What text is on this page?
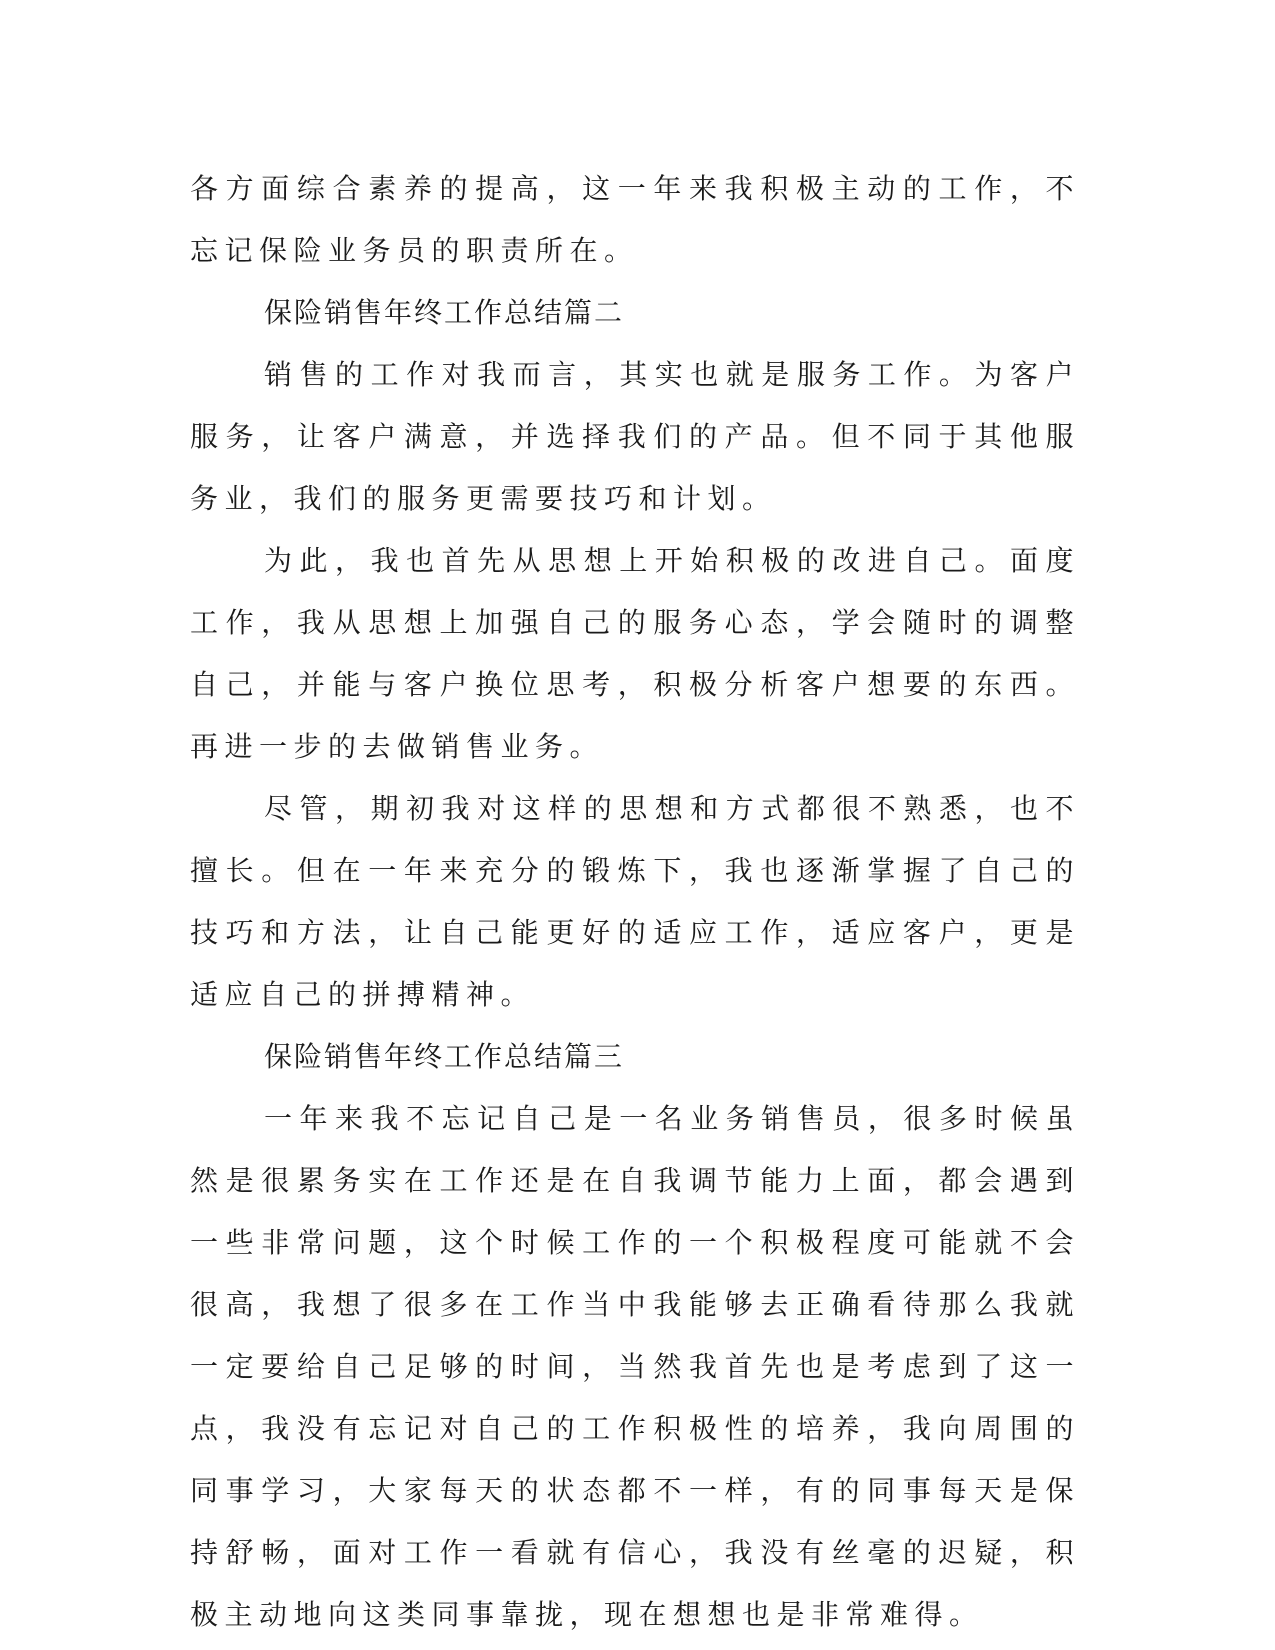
各方面综合素养的提高，这一年来我积极主动的工作，不忘记保险业务员的职责所在。

保险销售年终工作总结篇二

销售的工作对我而言，其实也就是服务工作。为客户服务，让客户满意，并选择我们的产品。但不同于其他服务业，我们的服务更需要技巧和计划。

为此，我也首先从思想上开始积极的改进自己。面度工作，我从思想上加强自己的服务心态，学会随时的调整自己，并能与客户换位思考，积极分析客户想要的东西。再进一步的去做销售业务。

尽管，期初我对这样的思想和方式都很不熟悉，也不擅长。但在一年来充分的锻炼下，我也逐渐掌握了自己的技巧和方法，让自己能更好的适应工作，适应客户，更是适应自己的拼搏精神。

保险销售年终工作总结篇三

一年来我不忘记自己是一名业务销售员，很多时候虽然是很累务实在工作还是在自我调节能力上面，都会遇到一些非常问题，这个时候工作的一个积极程度可能就不会很高，我想了很多在工作当中我能够去正确看待那么我就一定要给自己足够的时间，当然我首先也是考虑到了这一点，我没有忘记对自己的工作积极性的培养，我向周围的同事学习，大家每天的状态都不一样，有的同事每天是保持舒畅，面对工作一看就有信心，我没有丝毫的迟疑，积极主动地向这类同事靠拢，现在想想也是非常难得。
